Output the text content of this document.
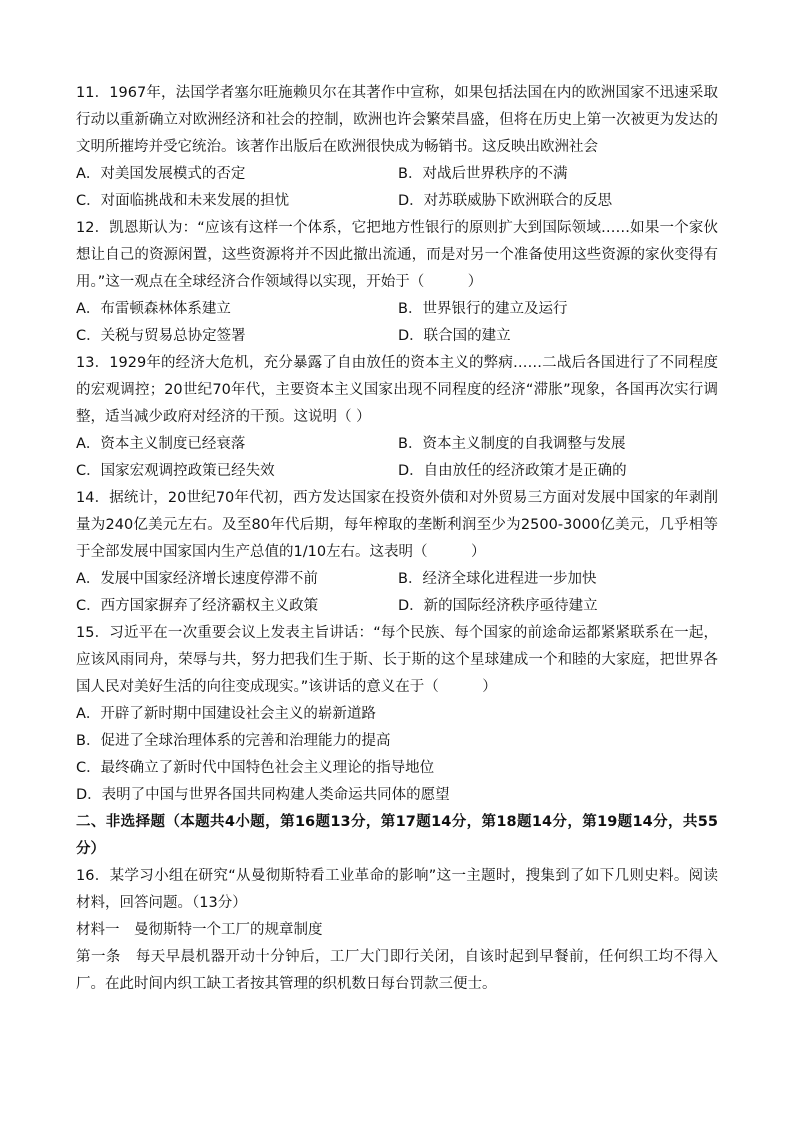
11．1967年，法国学者塞尔旺施赖贝尔在其著作中宣称，如果包括法国在内的欧洲国家不迅速采取行动以重新确立对欧洲经济和社会的控制，欧洲也许会繁荣昌盛，但将在历史上第一次被更为发达的文明所摧垮并受它统治。该著作出版后在欧洲很快成为畅销书。这反映出欧洲社会

A．对美国发展模式的否定	B．对战后世界秩序的不满
C．对面临挑战和未来发展的担忧	D．对苏联威胁下欧洲联合的反思

12．凯恩斯认为：“应该有这样一个体系，它把地方性银行的原则扩大到国际领域……如果一个家伙想让自己的资源闲置，这些资源将并不因此撤出流通，而是对另一个准备使用这些资源的家伙变得有用。”这一观点在全球经济合作领域得以实现，开始于（　　　）

A．布雷顿森林体系建立	B．世界银行的建立及运行
C．关税与贸易总协定签署	D．联合国的建立

13．1929年的经济大危机，充分暴露了自由放任的资本主义的弊病……二战后各国进行了不同程度的宏观调控；20世纪70年代，主要资本主义国家出现不同程度的经济“滞胀”现象，各国再次实行调整，适当减少政府对经济的干预。这说明（ ）

A．资本主义制度已经衰落	B．资本主义制度的自我调整与发展
C．国家宏观调控政策已经失效	D．自由放任的经济政策才是正确的

14．据统计，20世纪70年代初，西方发达国家在投资外债和对外贸易三方面对发展中国家的年剥削量为240亿美元左右。及至80年代后期，每年榨取的垄断利润至少为2500-3000亿美元，几乎相等于全部发展中国家国内生产总值的1/10左右。这表明（　　　）

A．发展中国家经济增长速度停滞不前	B．经济全球化进程进一步加快
C．西方国家摒弃了经济霸权主义政策	D．新的国际经济秩序亟待建立

15．习近平在一次重要会议上发表主旨讲话：“每个民族、每个国家的前途命运都紧紧联系在一起，应该风雨同舟，荣辱与共，努力把我们生于斯、长于斯的这个星球建成一个和睦的大家庭，把世界各国人民对美好生活的向往变成现实。”该讲话的意义在于（　　　）

A．开辟了新时期中国建设社会主义的崭新道路

B．促进了全球治理体系的完善和治理能力的提高

C．最终确立了新时代中国特色社会主义理论的指导地位

D．表明了中国与世界各国共同构建人类命运共同体的愿望

二、非选择题（本题共4小题，第16题13分，第17题14分，第18题14分，第19题14分，共55分）

16．某学习小组在研究“从曼彻斯特看工业革命的影响”这一主题时，搜集到了如下几则史料。阅读材料，回答问题。（13分）

材料一　曼彻斯特一个工厂的规章制度

第一条　每天早晨机器开动十分钟后，工厂大门即行关闭，自该时起到早餐前，任何织工均不得入厂。在此时间内织工缺工者按其管理的织机数日每台罚款三便士。
